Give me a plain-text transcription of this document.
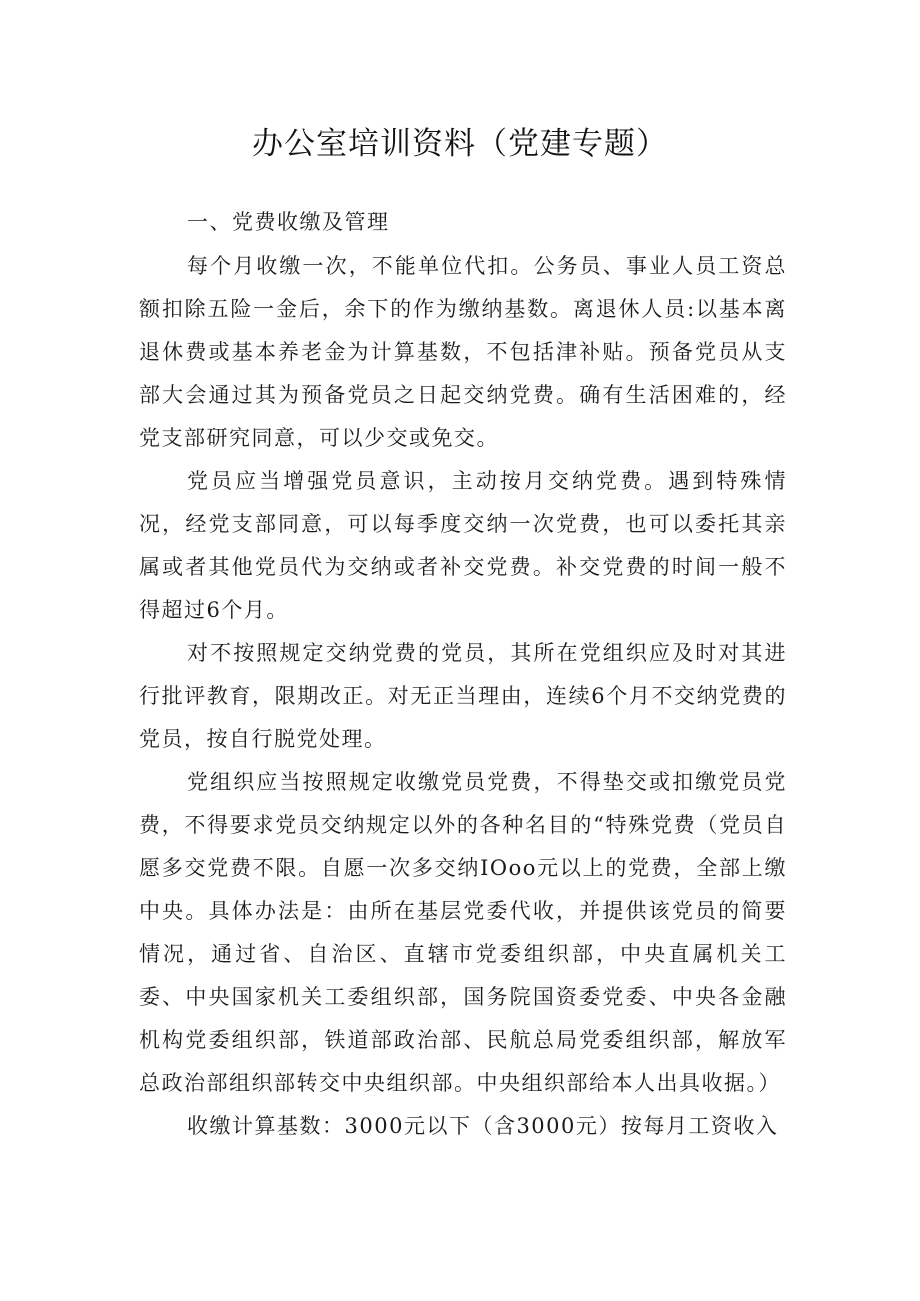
办公室培训资料（党建专题）

一、党费收缴及管理

每个月收缴一次，不能单位代扣。公务员、事业人员工资总额扣除五险一金后，余下的作为缴纳基数。离退休人员:以基本离退休费或基本养老金为计算基数，不包括津补贴。预备党员从支部大会通过其为预备党员之日起交纳党费。确有生活困难的，经党支部研究同意，可以少交或免交。

党员应当增强党员意识，主动按月交纳党费。遇到特殊情况，经党支部同意，可以每季度交纳一次党费，也可以委托其亲属或者其他党员代为交纳或者补交党费。补交党费的时间一般不得超过6个月。

对不按照规定交纳党费的党员，其所在党组织应及时对其进行批评教育，限期改正。对无正当理由，连续6个月不交纳党费的党员，按自行脱党处理。

党组织应当按照规定收缴党员党费，不得垫交或扣缴党员党费，不得要求党员交纳规定以外的各种名目的“特殊党费（党员自愿多交党费不限。自愿一次多交纳IOoo元以上的党费，全部上缴中央。具体办法是：由所在基层党委代收，并提供该党员的简要情况，通过省、自治区、直辖市党委组织部，中央直属机关工委、中央国家机关工委组织部，国务院国资委党委、中央各金融机构党委组织部，铁道部政治部、民航总局党委组织部，解放军总政治部组织部转交中央组织部。中央组织部给本人出具收据。）

收缴计算基数：3000元以下（含3000元）按每月工资收入
